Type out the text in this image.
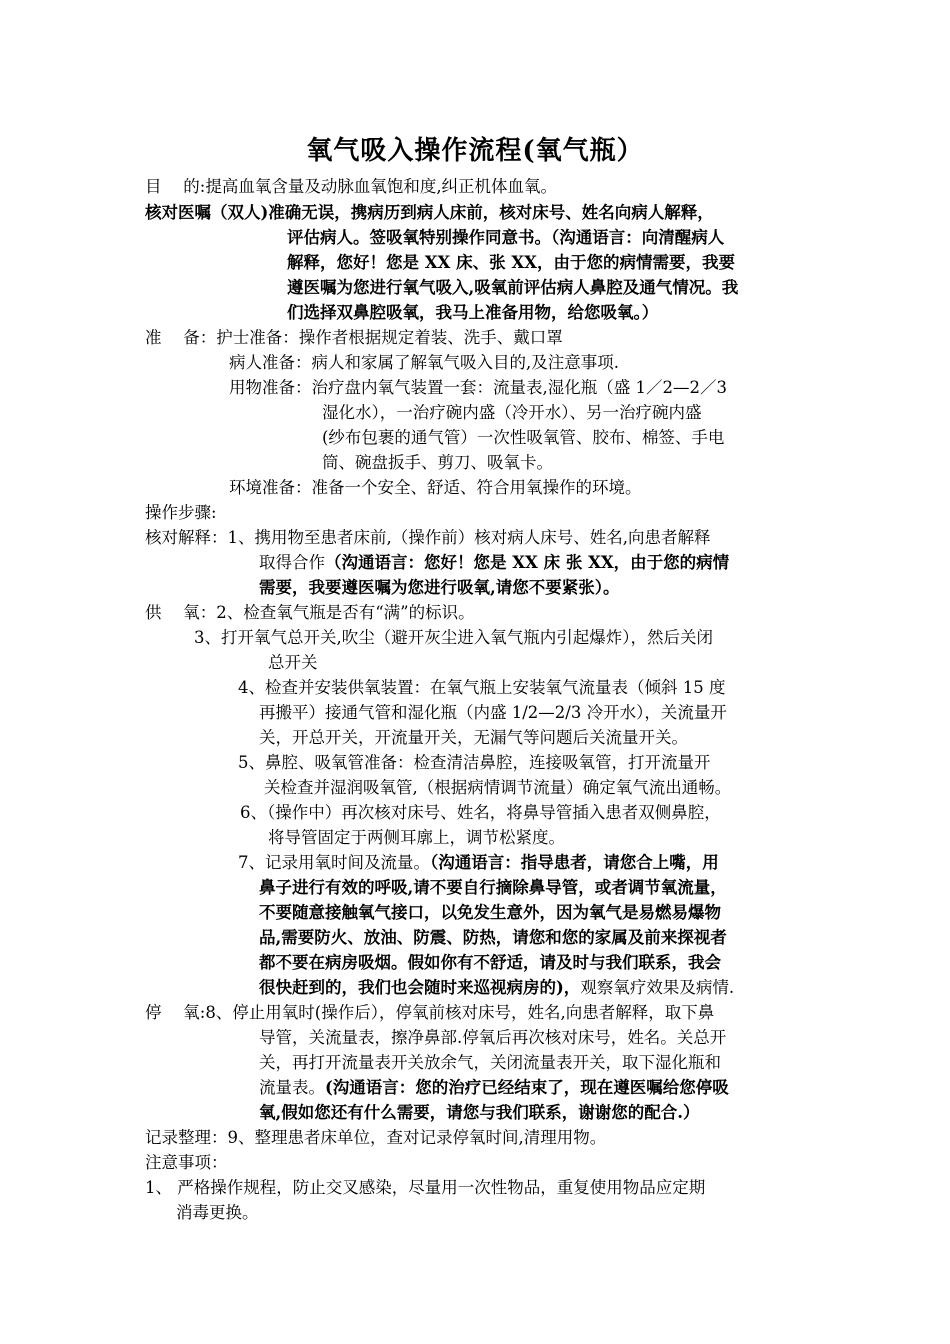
氧气吸入操作流程(氧气瓶）
目　 的:提高血氧含量及动脉血氧饱和度,纠正机体血氧。
核对医嘱（双人)准确无误，携病历到病人床前，核对床号、姓名向病人解释，
评估病人。签吸氧特别操作同意书。（沟通语言：向清醒病人
解释，您好！您是 XX 床、张 XX，由于您的病情需要，我要
遵医嘱为您进行氧气吸入,吸氧前评估病人鼻腔及通气情况。我
们选择双鼻腔吸氧，我马上准备用物，给您吸氧。）
准　 备：护士准备：操作者根据规定着装、洗手、戴口罩
病人准备：病人和家属了解氧气吸入目的,及注意事项.
用物准备：治疗盘内氧气装置一套：流量表,湿化瓶（盛 1／2—2／3
湿化水），一治疗碗内盛（冷开水）、另一治疗碗内盛
(纱布包裹的通气管）一次性吸氧管、胶布、棉签、手电
筒、碗盘扳手、剪刀、吸氧卡。
环境准备：准备一个安全、舒适、符合用氧操作的环境。
操作步骤:
核对解释：1、携用物至患者床前,（操作前）核对病人床号、姓名,向患者解释
取得合作（沟通语言：您好！您是 XX 床 张 XX，由于您的病情
需要，我要遵医嘱为您进行吸氧,请您不要紧张）。
供　 氧：2、检查氧气瓶是否有“满”的标识。
3、打开氧气总开关,吹尘（避开灰尘进入氧气瓶内引起爆炸），然后关闭
总开关
4、检查并安装供氧装置：在氧气瓶上安装氧气流量表（倾斜 15 度
再搬平）接通气管和湿化瓶（内盛 1/2—2/3 冷开水），关流量开
关，开总开关，开流量开关，无漏气等问题后关流量开关。
5、鼻腔、吸氧管准备：检查清洁鼻腔，连接吸氧管，打开流量开
关检查并湿润吸氧管,（根据病情调节流量）确定氧气流出通畅。
6、（操作中）再次核对床号、姓名，将鼻导管插入患者双侧鼻腔，
将导管固定于两侧耳廓上，调节松紧度。
7、记录用氧时间及流量。（沟通语言：指导患者，请您合上嘴，用
鼻子进行有效的呼吸,请不要自行摘除鼻导管，或者调节氧流量，
不要随意接触氧气接口，以免发生意外，因为氧气是易燃易爆物
品,需要防火、放油、防震、防热，请您和您的家属及前来探视者
都不要在病房吸烟。假如你有不舒适，请及时与我们联系，我会
很快赶到的，我们也会随时来巡视病房的)，观察氧疗效果及病情.
停　 氧:8、停止用氧时(操作后），停氧前核对床号，姓名,向患者解释，取下鼻
导管，关流量表，擦净鼻部.停氧后再次核对床号，姓名。关总开
关，再打开流量表开关放余气，关闭流量表开关，取下湿化瓶和
流量表。(沟通语言：您的治疗已经结束了，现在遵医嘱给您停吸
氧,假如您还有什么需要，请您与我们联系，谢谢您的配合.）
记录整理：9、整理患者床单位，查对记录停氧时间,清理用物。
注意事项：
1、 严格操作规程，防止交叉感染，尽量用一次性物品，重复使用物品应定期
消毒更换。
